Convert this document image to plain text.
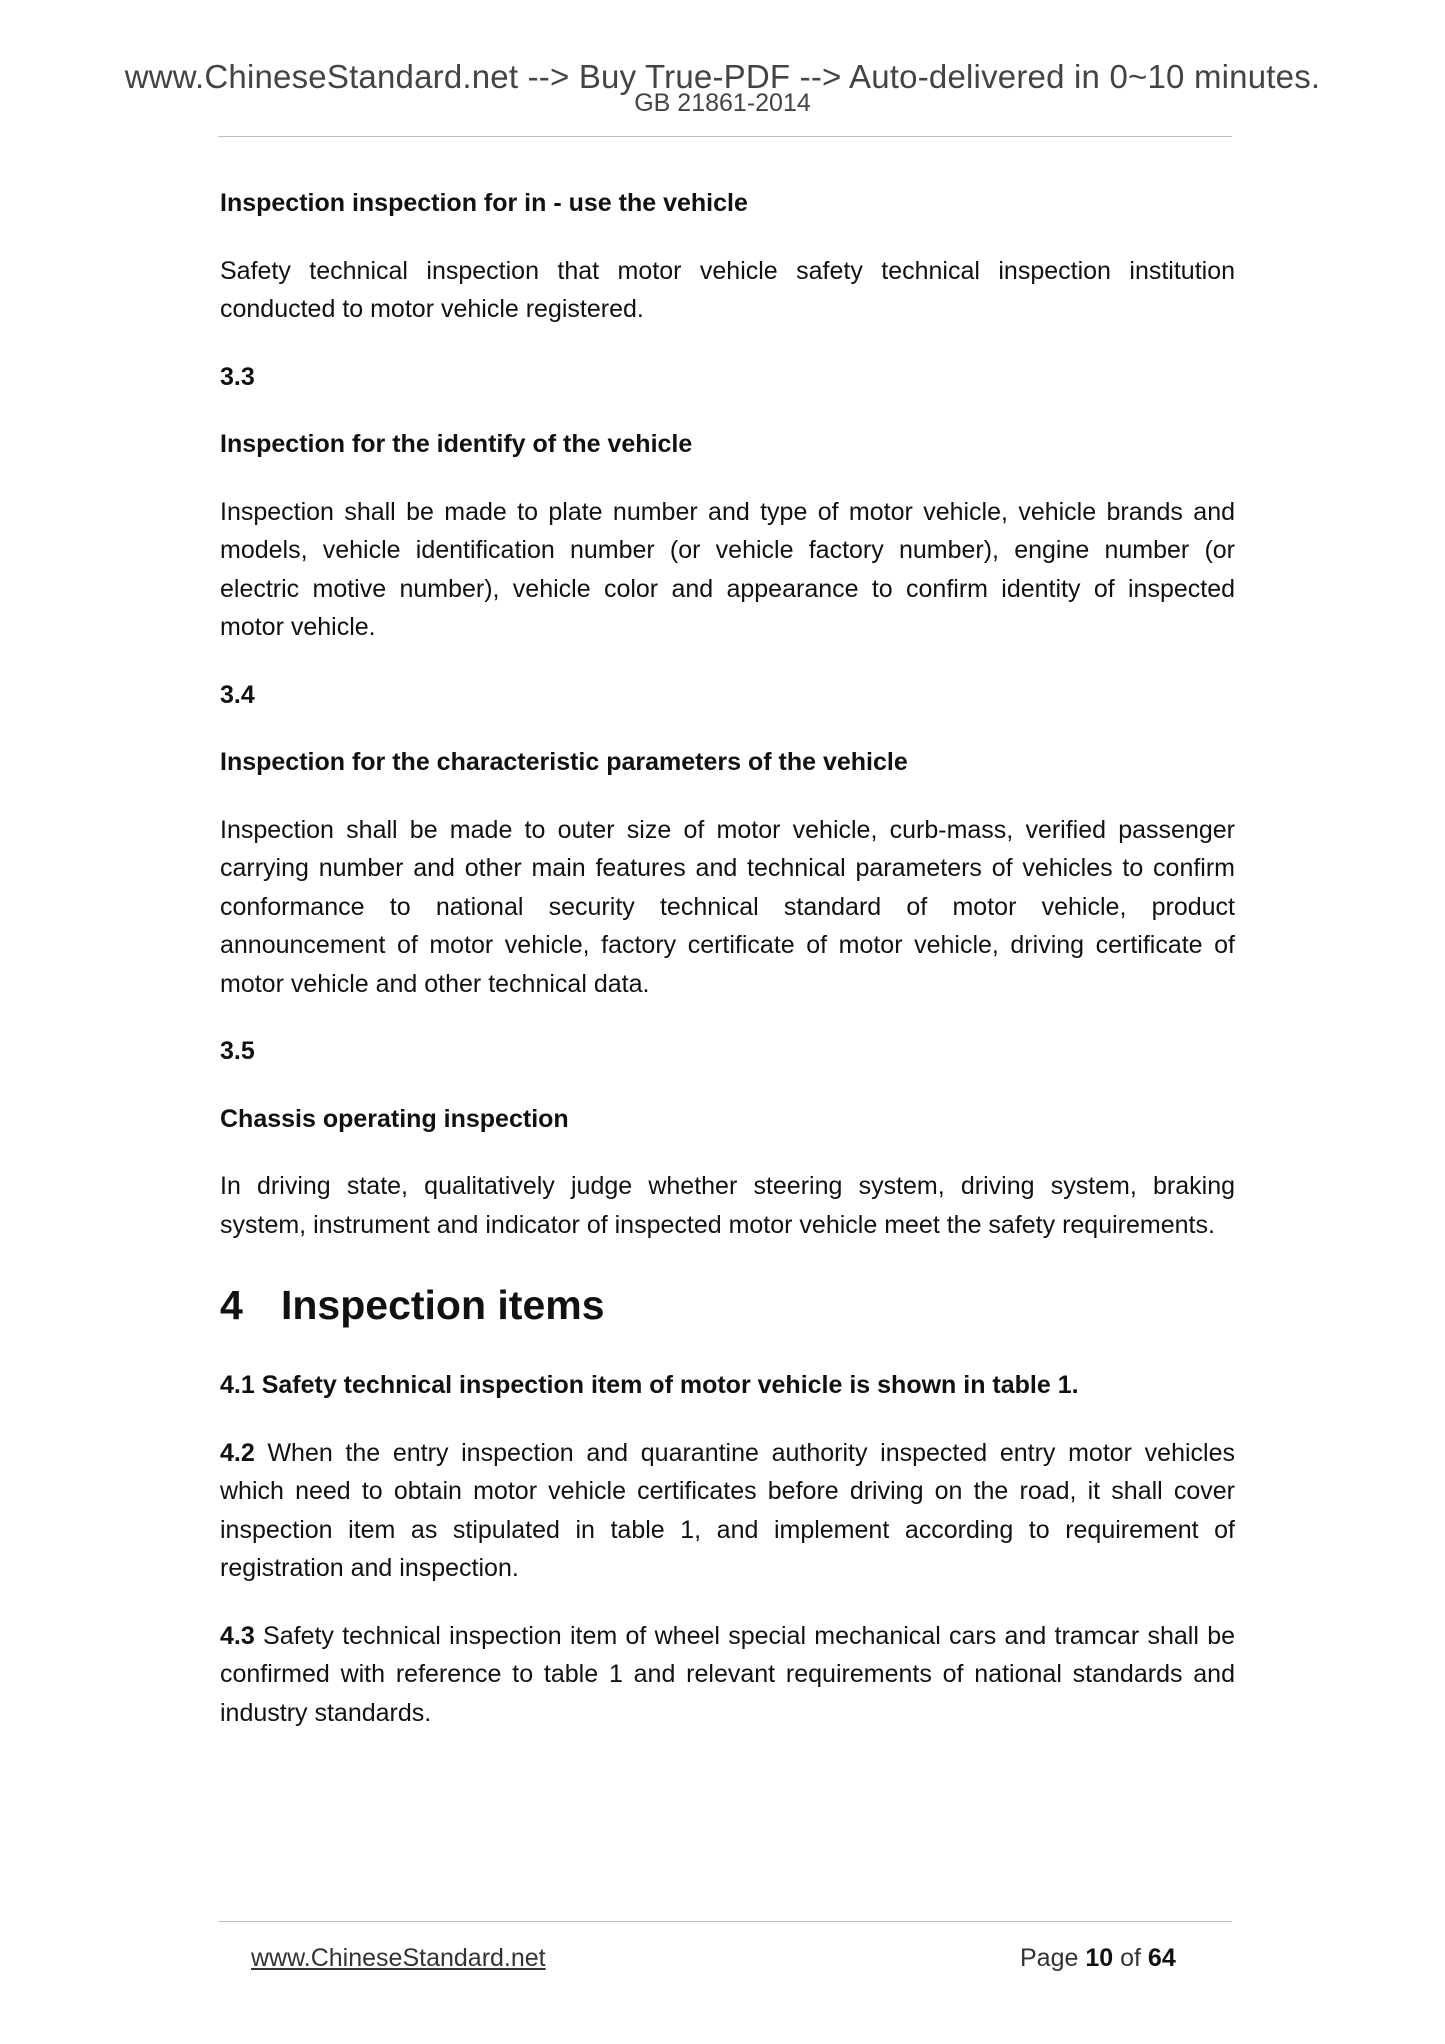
www.ChineseStandard.net --> Buy True-PDF --> Auto-delivered in 0~10 minutes.
GB 21861-2014

Inspection inspection for in - use the vehicle

Safety technical inspection that motor vehicle safety technical inspection institution conducted to motor vehicle registered.

3.3

Inspection for the identify of the vehicle

Inspection shall be made to plate number and type of motor vehicle, vehicle brands and models, vehicle identification number (or vehicle factory number), engine number (or electric motive number), vehicle color and appearance to confirm identity of inspected motor vehicle.

3.4

Inspection for the characteristic parameters of the vehicle

Inspection shall be made to outer size of motor vehicle, curb-mass, verified passenger carrying number and other main features and technical parameters of vehicles to confirm conformance to national security technical standard of motor vehicle, product announcement of motor vehicle, factory certificate of motor vehicle, driving certificate of motor vehicle and other technical data.

3.5

Chassis operating inspection

In driving state, qualitatively judge whether steering system, driving system, braking system, instrument and indicator of inspected motor vehicle meet the safety requirements.

4 Inspection items

4.1 Safety technical inspection item of motor vehicle is shown in table 1.

4.2 When the entry inspection and quarantine authority inspected entry motor vehicles which need to obtain motor vehicle certificates before driving on the road, it shall cover inspection item as stipulated in table 1, and implement according to requirement of registration and inspection.

4.3 Safety technical inspection item of wheel special mechanical cars and tramcar shall be confirmed with reference to table 1 and relevant requirements of national standards and industry standards.

www.ChineseStandard.net	Page 10 of 64
